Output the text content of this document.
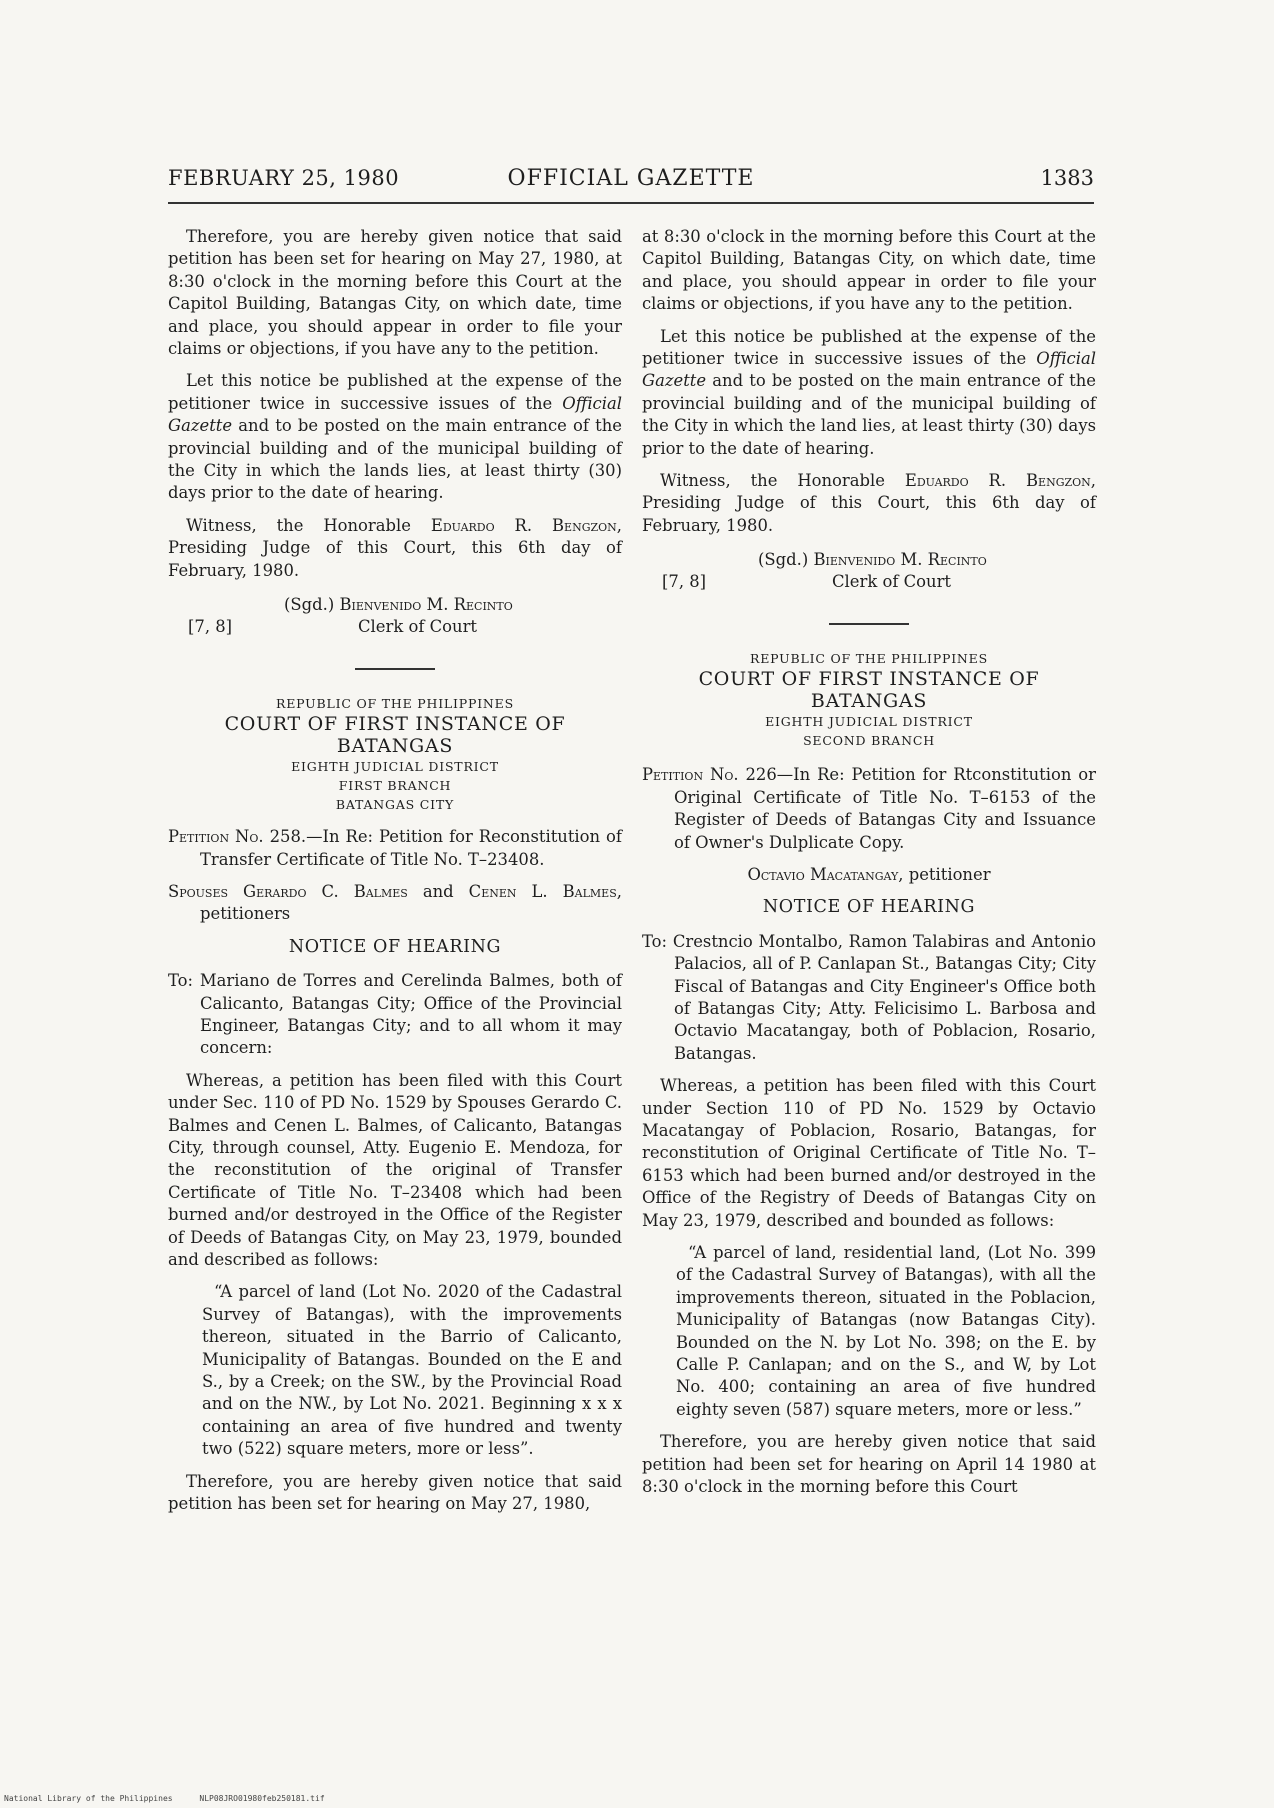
FEBRUARY 25, 1980	OFFICIAL GAZETTE	1383

Therefore, you are hereby given notice that said petition has been set for hearing on May 27, 1980, at 8:30 o'clock in the morning before this Court at the Capitol Building, Batangas City, on which date, time and place, you should appear in order to file your claims or objections, if you have any to the petition.

Let this notice be published at the expense of the petitioner twice in successive issues of the Official Gazette and to be posted on the main entrance of the provincial building and of the municipal building of the City in which the lands lies, at least thirty (30) days prior to the date of hearing.

Witness, the Honorable Eduardo R. Bengzon, Presiding Judge of this Court, this 6th day of February, 1980.

[7, 8]
(Sgd.) Bienvenido M. Recinto
Clerk of Court

REPUBLIC OF THE PHILIPPINES

COURT OF FIRST INSTANCE OF BATANGAS

EIGHTH JUDICIAL DISTRICT

FIRST BRANCH

BATANGAS CITY

Petition No. 258.—In Re: Petition for Reconstitution of Transfer Certificate of Title No. T–23408.

Spouses Gerardo C. Balmes and Cenen L. Balmes, petitioners

NOTICE OF HEARING

To: Mariano de Torres and Cerelinda Balmes, both of Calicanto, Batangas City; Office of the Provincial Engineer, Batangas City; and to all whom it may concern:

Whereas, a petition has been filed with this Court under Sec. 110 of PD No. 1529 by Spouses Gerardo C. Balmes and Cenen L. Balmes, of Calicanto, Batangas City, through counsel, Atty. Eugenio E. Mendoza, for the reconstitution of the original of Transfer Certificate of Title No. T–23408 which had been burned and/or destroyed in the Office of the Register of Deeds of Batangas City, on May 23, 1979, bounded and described as follows:

“A parcel of land (Lot No. 2020 of the Cadastral Survey of Batangas), with the improvements thereon, situated in the Barrio of Calicanto, Municipality of Batangas. Bounded on the E and S., by a Creek; on the SW., by the Provincial Road and on the NW., by Lot No. 2021. Beginning x x x containing an area of five hundred and twenty two (522) square meters, more or less”.

Therefore, you are hereby given notice that said petition has been set for hearing on May 27, 1980,

at 8:30 o'clock in the morning before this Court at the Capitol Building, Batangas City, on which date, time and place, you should appear in order to file your claims or objections, if you have any to the petition.

Let this notice be published at the expense of the petitioner twice in successive issues of the Official Gazette and to be posted on the main entrance of the provincial building and of the municipal building of the City in which the land lies, at least thirty (30) days prior to the date of hearing.

Witness, the Honorable Eduardo R. Bengzon, Presiding Judge of this Court, this 6th day of February, 1980.

[7, 8]
(Sgd.) Bienvenido M. Recinto
Clerk of Court

REPUBLIC OF THE PHILIPPINES

COURT OF FIRST INSTANCE OF BATANGAS

EIGHTH JUDICIAL DISTRICT

SECOND BRANCH

Petition No. 226—In Re: Petition for Rtconstitution or Original Certificate of Title No. T–6153 of the Register of Deeds of Batangas City and Issuance of Owner's Dulplicate Copy.

Octavio Macatangay, petitioner

NOTICE OF HEARING

To: Crestncio Montalbo, Ramon Talabiras and Antonio Palacios, all of P. Canlapan St., Batangas City; City Fiscal of Batangas and City Engineer's Office both of Batangas City; Atty. Felicisimo L. Barbosa and Octavio Macatangay, both of Poblacion, Rosario, Batangas.

Whereas, a petition has been filed with this Court under Section 110 of PD No. 1529 by Octavio Macatangay of Poblacion, Rosario, Batangas, for reconstitution of Original Certificate of Title No. T–6153 which had been burned and/or destroyed in the Office of the Registry of Deeds of Batangas City on May 23, 1979, described and bounded as follows:

“A parcel of land, residential land, (Lot No. 399 of the Cadastral Survey of Batangas), with all the improvements thereon, situated in the Poblacion, Municipality of Batangas (now Batangas City). Bounded on the N. by Lot No. 398; on the E. by Calle P. Canlapan; and on the S., and W, by Lot No. 400; containing an area of five hundred eighty seven (587) square meters, more or less.”

Therefore, you are hereby given notice that said petition had been set for hearing on April 14 1980 at 8:30 o'clock in the morning before this Court

National Library of the Philippines	NLP08JRO01980feb250181.tif
